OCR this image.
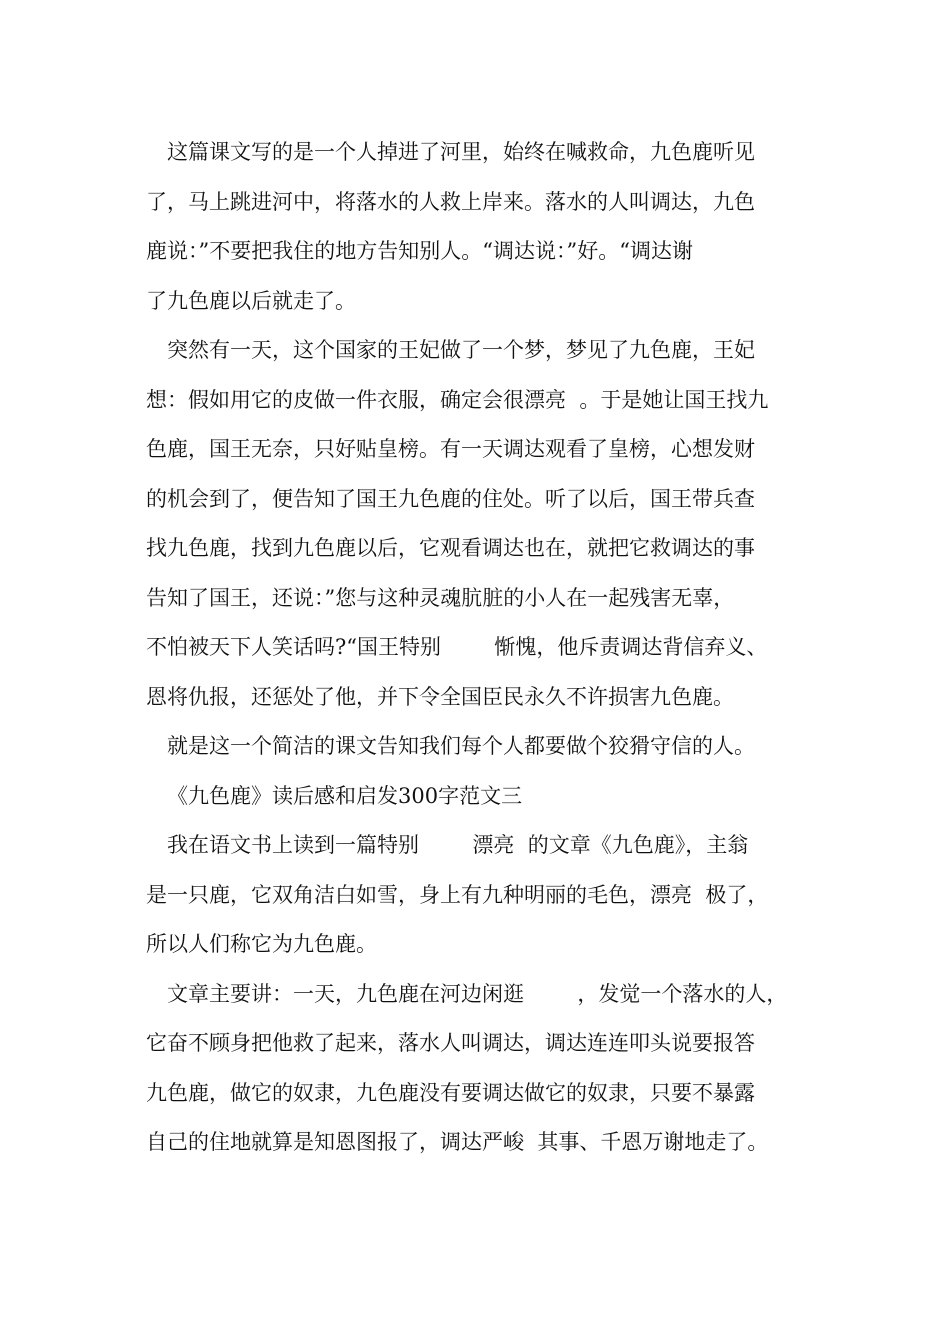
这篇课文写的是一个人掉进了河里，始终在喊救命，九色鹿听见
了，马上跳进河中，将落水的人救上岸来。落水的人叫调达，九色
鹿说：”不要把我住的地方告知别人。“调达说：”好。“调达谢
了九色鹿以后就走了。
突然有一天，这个国家的王妃做了一个梦，梦见了九色鹿，王妃
想：假如用它的皮做一件衣服，确定会很漂亮  。于是她让国王找九
色鹿，国王无奈，只好贴皇榜。有一天调达观看了皇榜，心想发财
的机会到了，便告知了国王九色鹿的住处。听了以后，国王带兵查
找九色鹿，找到九色鹿以后，它观看调达也在，就把它救调达的事
告知了国王，还说：”您与这种灵魂肮脏的小人在一起残害无辜，
不怕被天下人笑话吗?“国王特别        惭愧，他斥责调达背信弃义、
恩将仇报，还惩处了他，并下令全国臣民永久不许损害九色鹿。
就是这一个简洁的课文告知我们每个人都要做个狡猾守信的人。
《九色鹿》读后感和启发300字范文三
我在语文书上读到一篇特别        漂亮  的文章《九色鹿》，主翁
是一只鹿，它双角洁白如雪，身上有九种明丽的毛色，漂亮  极了，
所以人们称它为九色鹿。
文章主要讲：一天，九色鹿在河边闲逛        ，发觉一个落水的人，
它奋不顾身把他救了起来，落水人叫调达，调达连连叩头说要报答
九色鹿，做它的奴隶，九色鹿没有要调达做它的奴隶，只要不暴露
自己的住地就算是知恩图报了，调达严峻  其事、千恩万谢地走了。
